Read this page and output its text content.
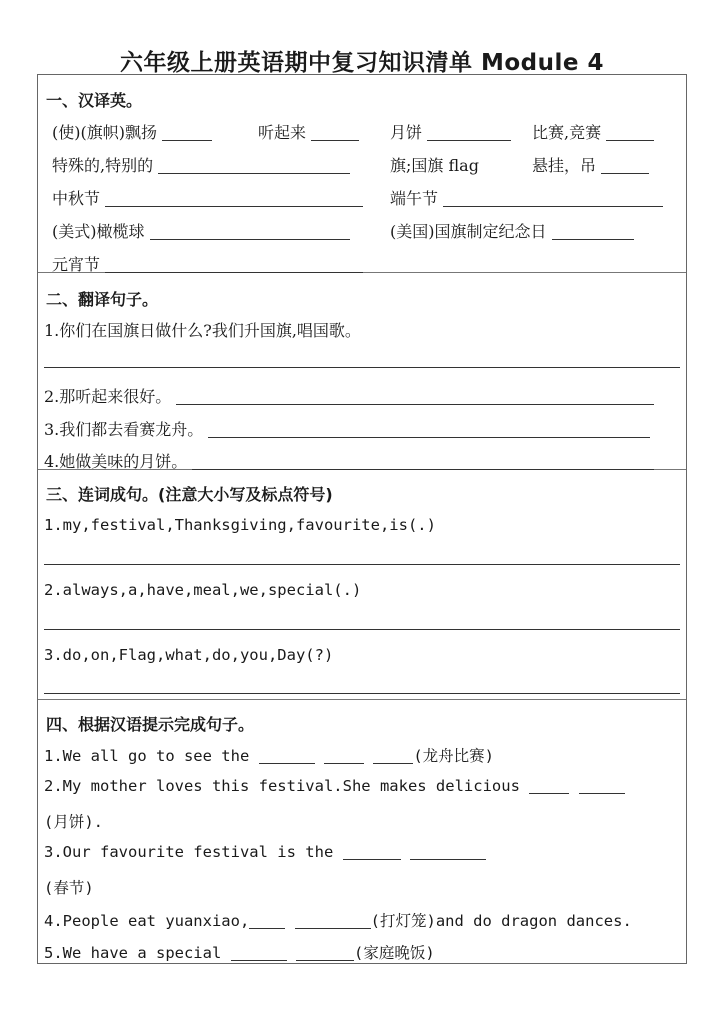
六年级上册英语期中复习知识清单 Module 4
一、汉译英。
(使)(旗帜)飘扬	听起来	月饼	比赛,竞赛
特殊的,特别的	旗;国旗 flag	悬挂，吊
中秋节	端午节
(美式)橄榄球	(美国)国旗制定纪念日
元宵节
二、翻译句子。
1.你们在国旗日做什么?我们升国旗,唱国歌。
2.那听起来很好。
3.我们都去看赛龙舟。
4.她做美味的月饼。
三、连词成句。(注意大小写及标点符号)
1.my,festival,Thanksgiving,favourite,is(.)
2.always,a,have,meal,we,special(.)
3.do,on,Flag,what,do,you,Day(?)
四、根据汉语提示完成句子。
1.We all go to see the	(龙舟比赛)
2.My mother loves this festival.She makes delicious
(月饼).
3.Our favourite festival is the
(春节)
4.People eat yuanxiao,	(打灯笼)and do dragon dances.
5.We have a special	(家庭晚饭)
